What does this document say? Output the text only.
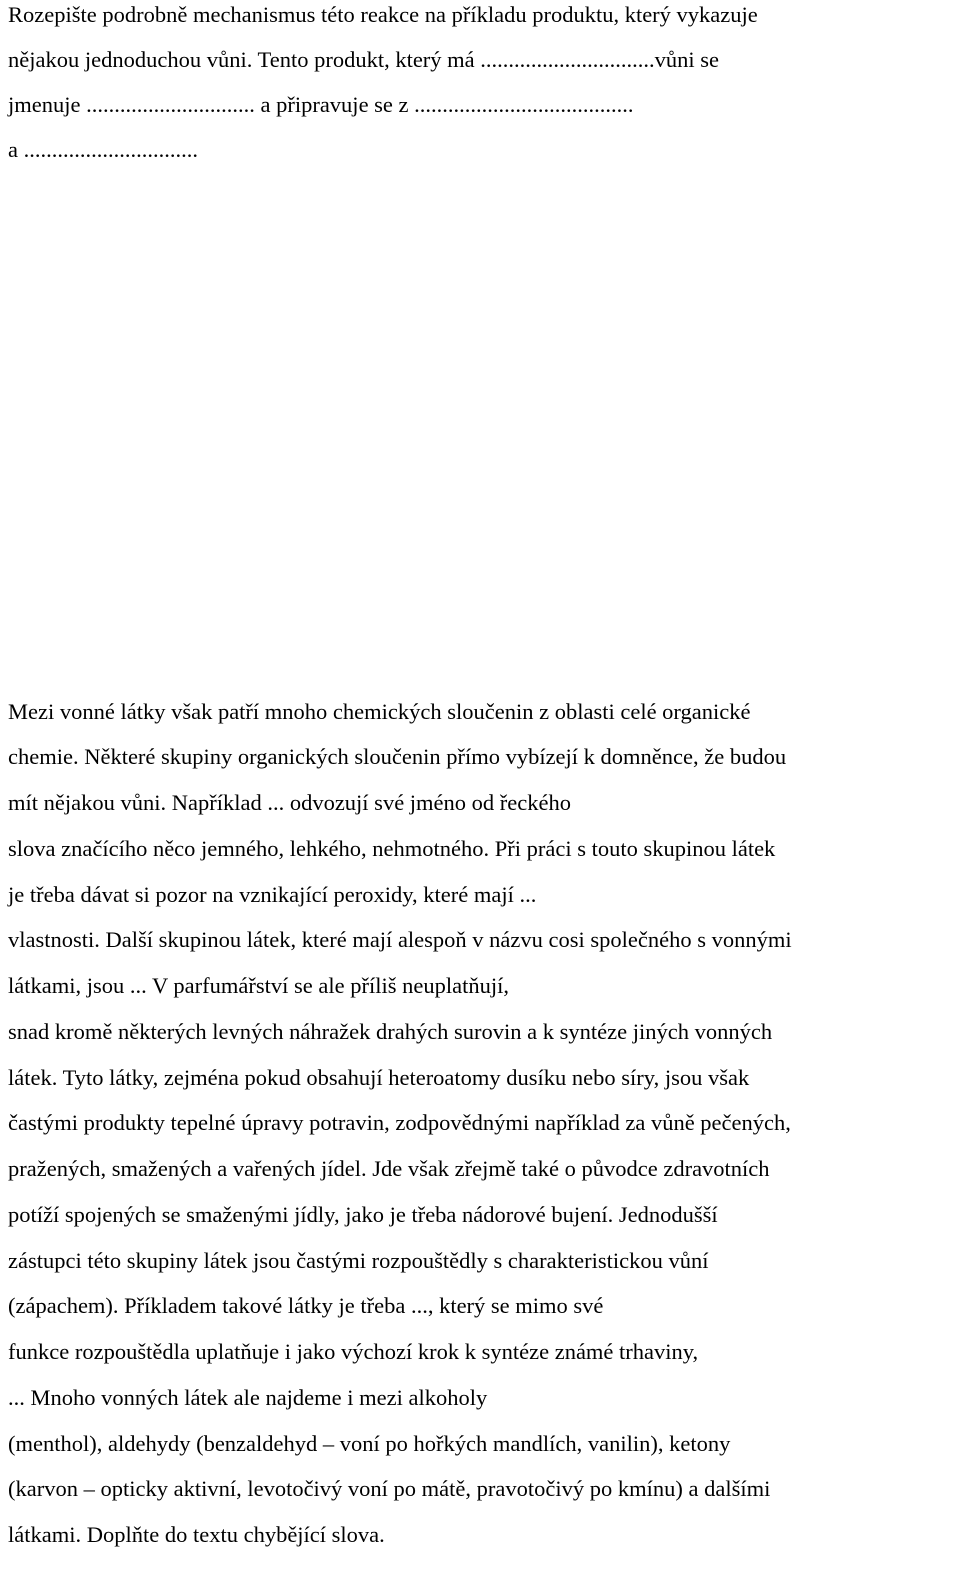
Rozepište podrobně mechanismus této reakce na příkladu produktu, který vykazuje
nějakou jednoduchou vůni. Tento produkt, který má ...............................vůni se
jmenuje .............................. a připravuje se z .......................................
a ...............................
Mezi vonné látky však patří mnoho chemických sloučenin z oblasti celé organické
chemie. Některé skupiny organických sloučenin přímo vybízejí k domněnce, že budou
mít nějakou vůni. Například ... odvozují své jméno od řeckého
slova značícího něco jemného, lehkého, nehmotného. Při práci s touto skupinou látek
je třeba dávat si pozor na vznikající peroxidy, které mají ...
vlastnosti. Další skupinou látek, které mají alespoň v názvu cosi společného s vonnými
látkami, jsou ... V parfumářství se ale příliš neuplatňují,
snad kromě některých levných náhražek drahých surovin a k syntéze jiných vonných
látek. Tyto látky, zejména pokud obsahují heteroatomy dusíku nebo síry, jsou však
častými produkty tepelné úpravy potravin, zodpovědnými například za vůně pečených,
pražených, smažených a vařených jídel. Jde však zřejmě také o původce zdravotních
potíží spojených se smaženými jídly, jako je třeba nádorové bujení. Jednodušší
zástupci této skupiny látek jsou častými rozpouštědly s charakteristickou vůní
(zápachem). Příkladem takové látky je třeba ..., který se mimo své
funkce rozpouštědla uplatňuje i jako výchozí krok k syntéze známé trhaviny,
... Mnoho vonných látek ale najdeme i mezi alkoholy
(menthol), aldehydy (benzaldehyd – voní po hořkých mandlích, vanilin), ketony
(karvon – opticky aktivní, levotočivý voní po mátě, pravotočivý po kmínu) a dalšími
látkami. Doplňte do textu chybějící slova.
